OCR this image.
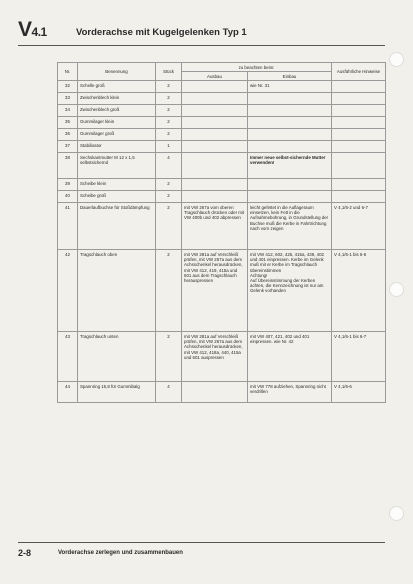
V4.1	Vorderachse mit Kugelgelenken Typ 1
Nr.	Benennung	Stück	zu beachten beim:		Ausführliche Hinweise
			Ausbau	Einbau	
32	Schelle groß	2		wie Nr. 31	
33	Zwischenblech klein	2			
34	Zwischenblech groß	2			
35	Gummilager klein	2			
36	Gummilager groß	2			
37	Stabilisator	1			
38	Sechskantmutter M 12 x 1,5 selbstsichernd	4		Immer neue selbst-sichernde Mutter verwenden!	
39	Scheibe klein	2			
40	Scheibe groß	2			
41	Dauerlaufbuchse für Stoßdämpfung	2	mit VW 267a vom oberen Tragschlauch drücken oder mit VW 400b und 402 abpressen	leicht gefettet in die Auflageraum einsetzen, kein Fett in die Aufnahmebohrung, in Grundstellung der Buchse muß die Kerbe in Fahrtrichtung nach vorn zeigen	V 4,1/6-2 und 6-7
42	Tragschlauch oben	2	mit VW 281a auf Verschleiß prüfen, mit VW 267a aus dem Achsschenkel herausdrücken, mit VW 412, 419, 415a und 601 aus dem Tragschlauch herauspressen	mit VW 412, 602, 425, 415a, 439, 402 und 401 einpressen. Kerbe im Gelenk muß mit er Kerbe im Tragschlauch übereinstimmen
Achtung!
Auf Übereinstimmung der Kerben achten, die Kennzeichnung ist nur am Gelenk vorhanden	V 4,1/6-1 bis 6-6
43	Tragschlauch unten	2	mit VW 281a auf Verschleiß prüfen, mit VW 267a aus dem Achsschenkel herausdrücken, mit VW 412, 418a, 440, 415a und 601 auspressen	mit VW 407, 421, 402 und 401 einpressen. wie Nr. 42	V 4,1/6-1 bis 6-7
44	Spannring 15,8 für Gummibalg	4		mit VW 778 aufziehen, Spannring nicht verdrillen	V 4,1/6-6
2-8	Vorderachse zerlegen und zusammenbauen
